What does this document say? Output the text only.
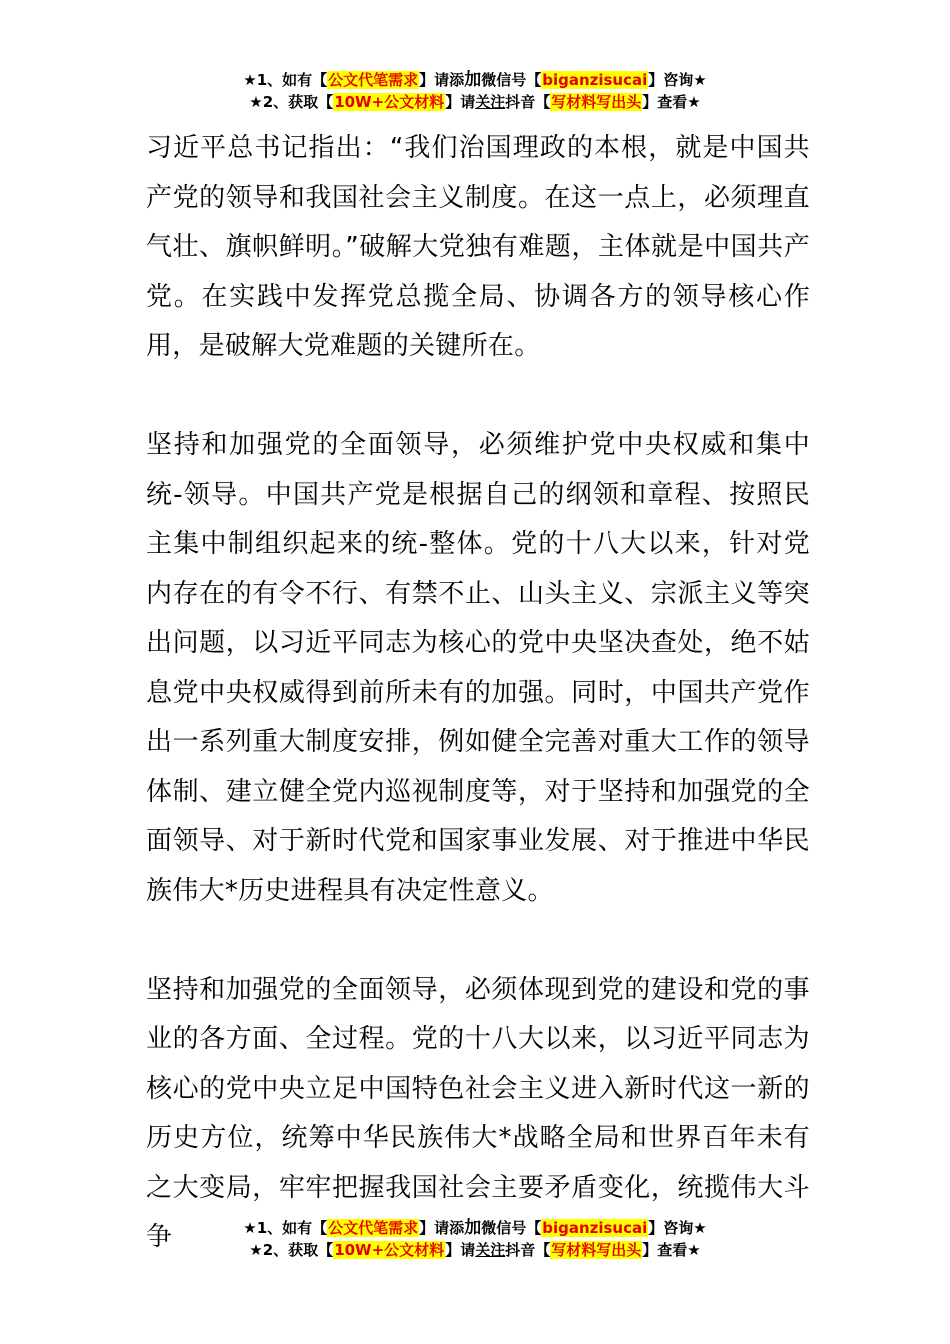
★1、如有【公文代笔需求】请添加微信号【biganzisucai】咨询★
★2、获取【10W+公文材料】请关注抖音【写材料写出头】查看★

习近平总书记指出：“我们治国理政的本根，就是中国共产党的领导和我国社会主义制度。在这一点上，必须理直气壮、旗帜鲜明。”破解大党独有难题，主体就是中国共产党。在实践中发挥党总揽全局、协调各方的领导核心作用，是破解大党难题的关键所在。

坚持和加强党的全面领导，必须维护党中央权威和集中统-领导。中国共产党是根据自己的纲领和章程、按照民主集中制组织起来的统-整体。党的十八大以来，针对党内存在的有令不行、有禁不止、山头主义、宗派主义等突出问题，以习近平同志为核心的党中央坚决查处，绝不姑息党中央权威得到前所未有的加强。同时，中国共产党作出一系列重大制度安排，例如健全完善对重大工作的领导体制、建立健全党内巡视制度等，对于坚持和加强党的全面领导、对于新时代党和国家事业发展、对于推进中华民族伟大*历史进程具有决定性意义。

坚持和加强党的全面领导，必须体现到党的建设和党的事业的各方面、全过程。党的十八大以来，以习近平同志为核心的党中央立足中国特色社会主义进入新时代这一新的历史方位，统筹中华民族伟大*战略全局和世界百年未有之大变局，牢牢把握我国社会主要矛盾变化，统揽伟大斗争	★1、如有【公文代笔需求】请添加微信号【biganzisucai】咨询★
★2、获取【10W+公文材料】请关注抖音【写材料写出头】查看★
